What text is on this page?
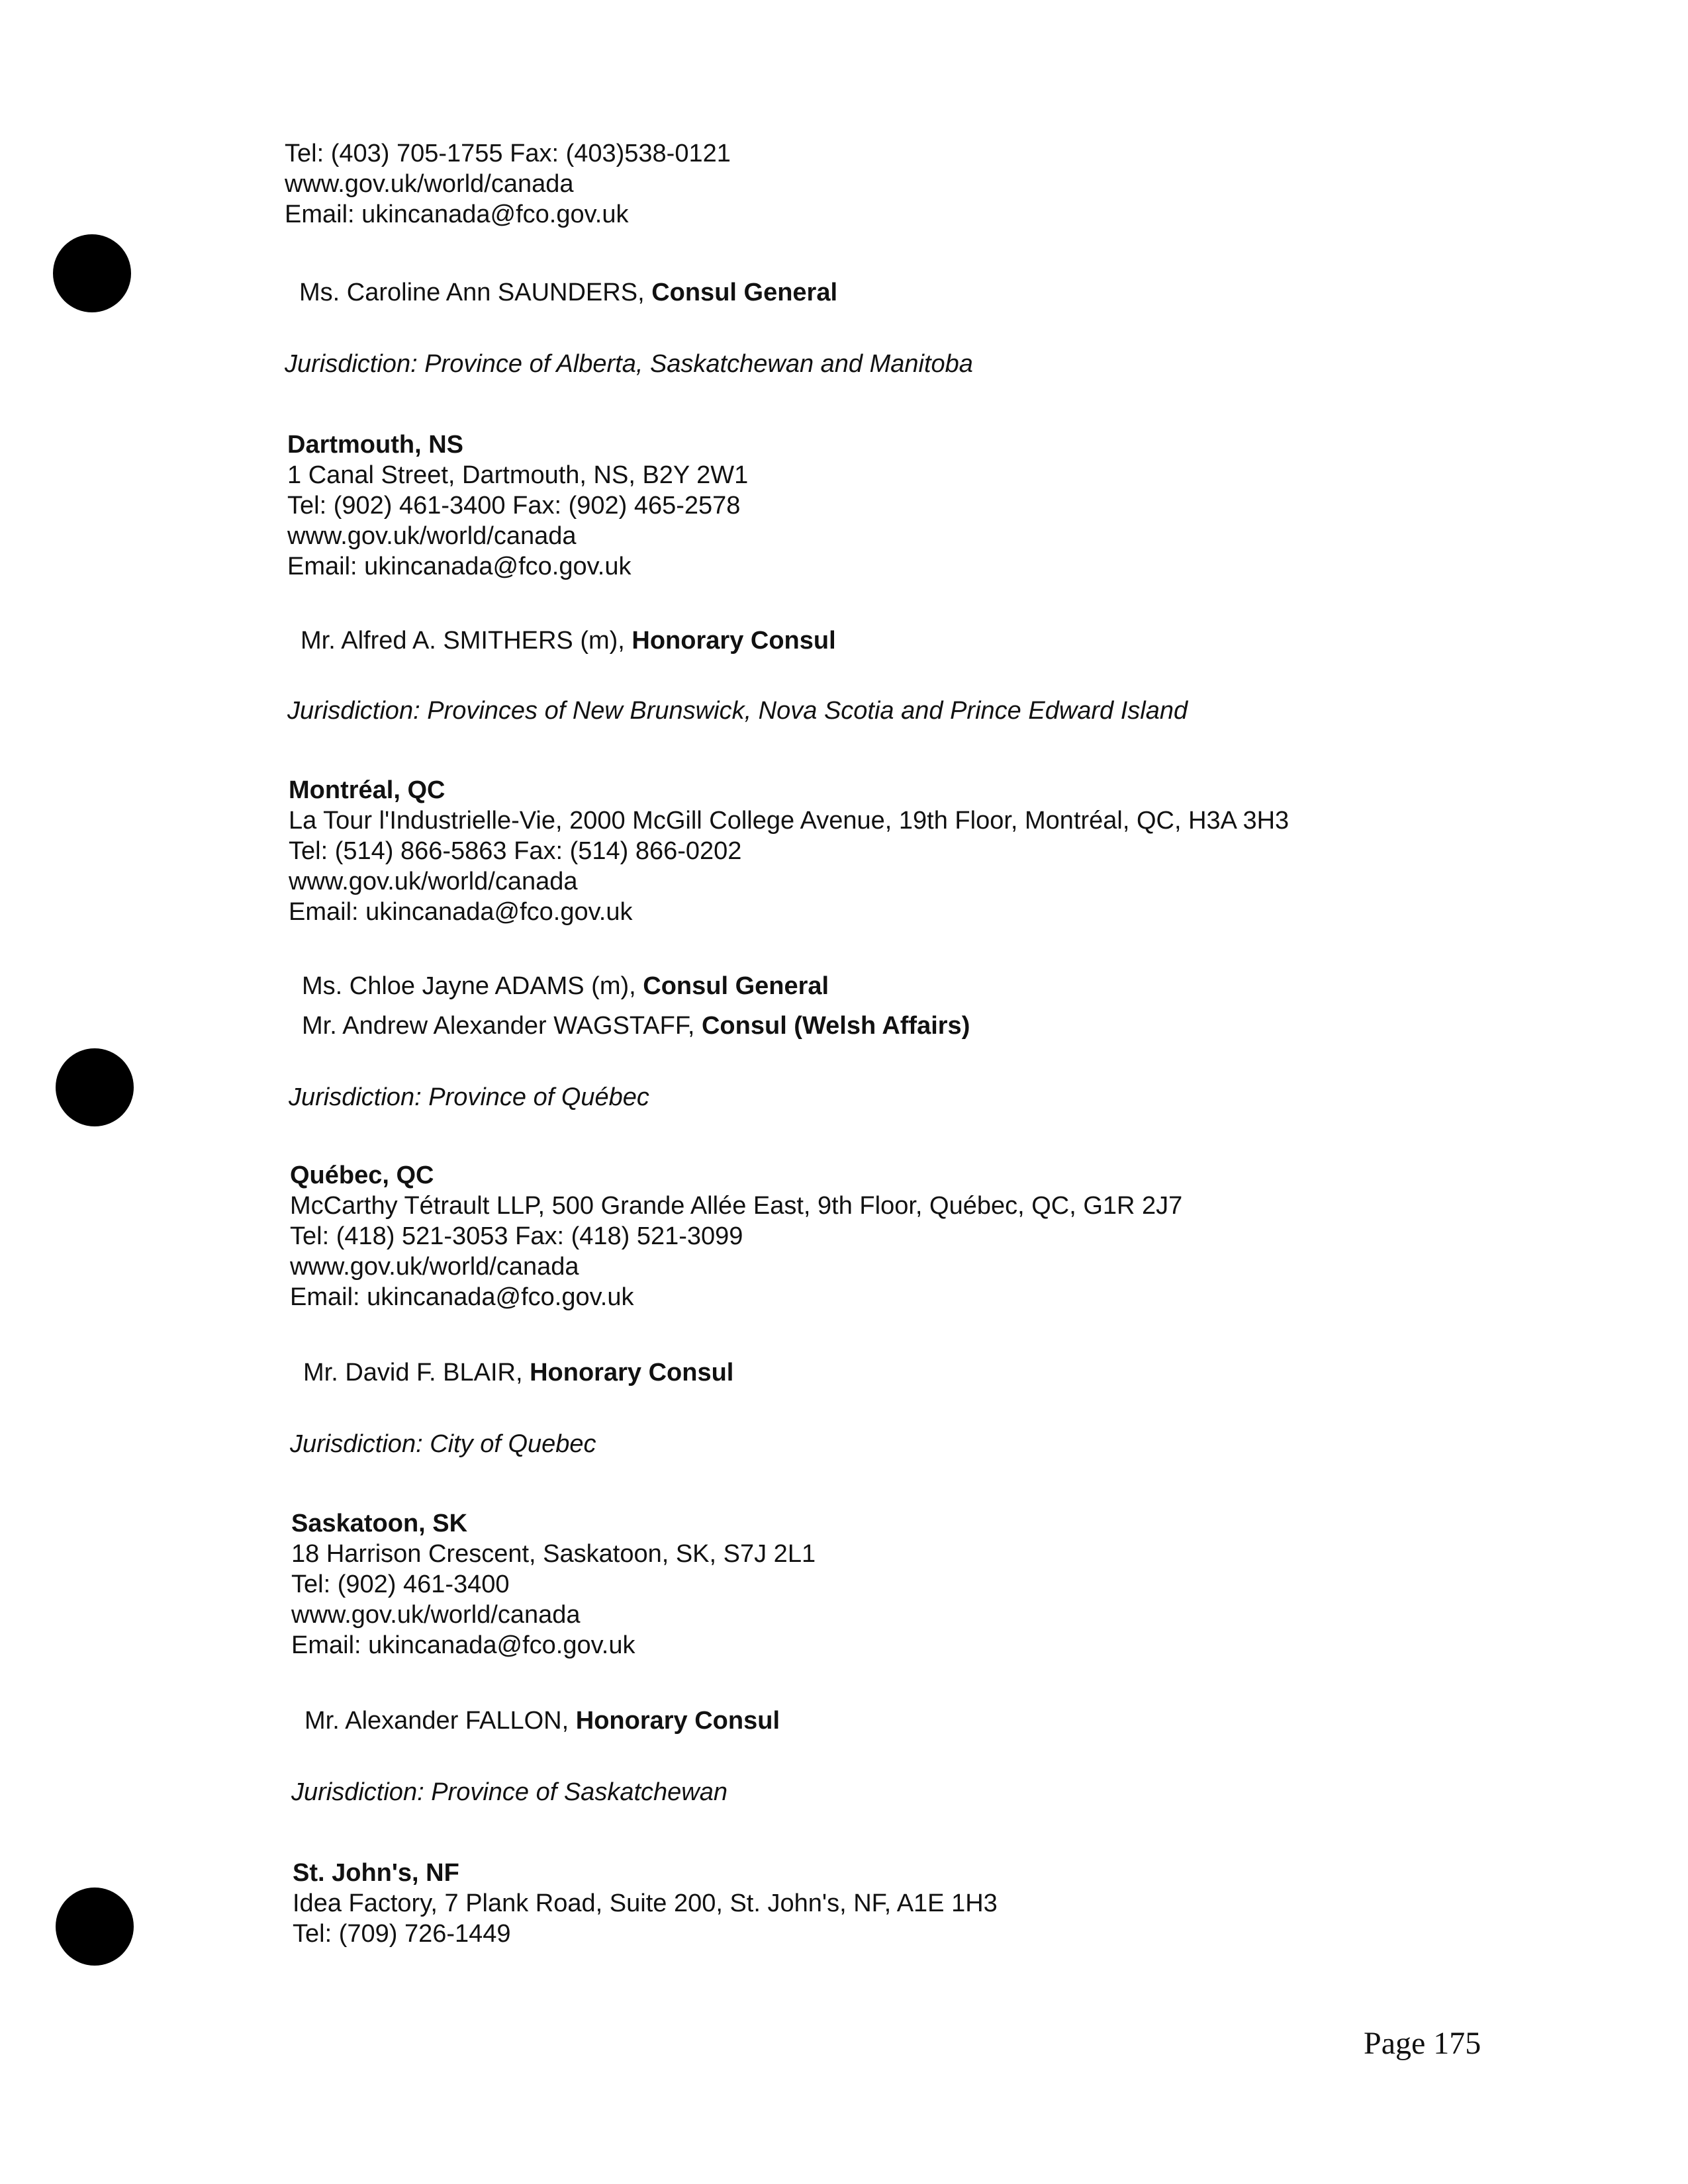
Tel: (403) 705-1755 Fax: (403)538-0121
www.gov.uk/world/canada
Email: ukincanada@fco.gov.uk
Ms. Caroline Ann SAUNDERS, Consul General
Jurisdiction: Province of Alberta, Saskatchewan and Manitoba
Dartmouth, NS
1 Canal Street, Dartmouth, NS, B2Y 2W1
Tel: (902) 461-3400 Fax: (902) 465-2578
www.gov.uk/world/canada
Email: ukincanada@fco.gov.uk
Mr. Alfred A. SMITHERS (m), Honorary Consul
Jurisdiction: Provinces of New Brunswick, Nova Scotia and Prince Edward Island
Montréal, QC
La Tour l'Industrielle-Vie, 2000 McGill College Avenue, 19th Floor, Montréal, QC, H3A 3H3
Tel: (514) 866-5863 Fax: (514) 866-0202
www.gov.uk/world/canada
Email: ukincanada@fco.gov.uk
Ms. Chloe Jayne ADAMS (m), Consul General
Mr. Andrew Alexander WAGSTAFF, Consul (Welsh Affairs)
Jurisdiction: Province of Québec
Québec, QC
McCarthy Tétrault LLP, 500 Grande Allée East, 9th Floor, Québec, QC, G1R 2J7
Tel: (418) 521-3053 Fax: (418) 521-3099
www.gov.uk/world/canada
Email: ukincanada@fco.gov.uk
Mr. David F. BLAIR, Honorary Consul
Jurisdiction: City of Quebec
Saskatoon, SK
18 Harrison Crescent, Saskatoon, SK, S7J 2L1
Tel: (902) 461-3400
www.gov.uk/world/canada
Email: ukincanada@fco.gov.uk
Mr. Alexander FALLON, Honorary Consul
Jurisdiction: Province of Saskatchewan
St. John's, NF
Idea Factory, 7 Plank Road, Suite 200, St. John's, NF, A1E 1H3
Tel: (709) 726-1449
Page 175
